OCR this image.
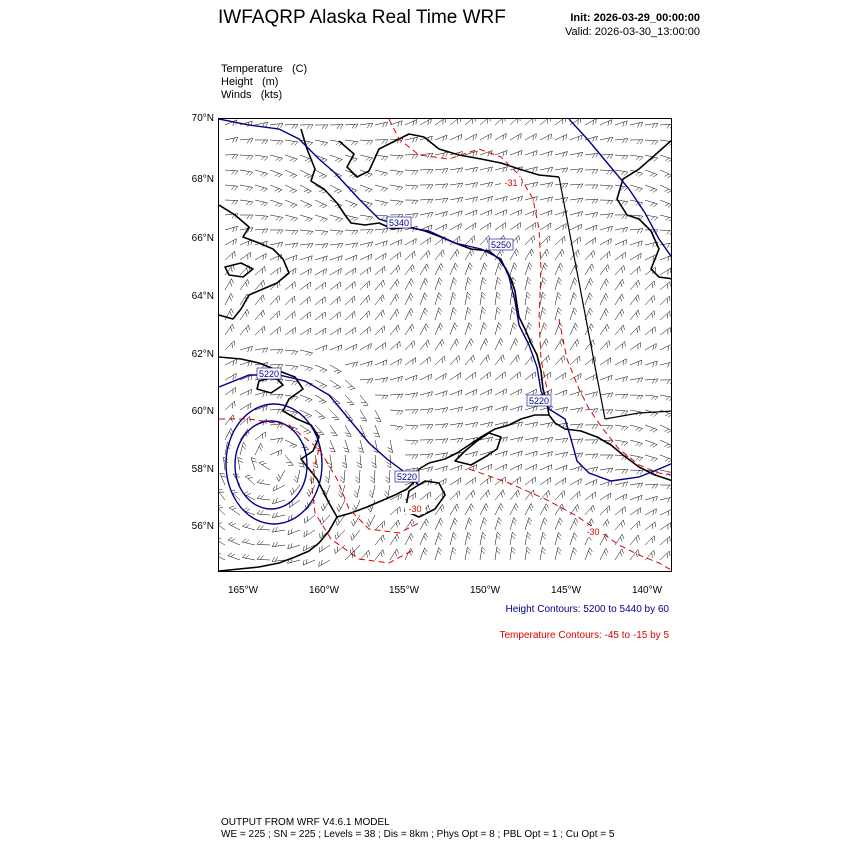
IWFAQRP Alaska Real Time WRF	Init: 2026-03-29_00:00:00
Valid: 2026-03-30_13:00:00
Temperature (C)
Height (m)
Winds (kts)
5340
5250
5220
5220
5220
-31
-30
-30
70°N
68°N
66°N
64°N
62°N
60°N
58°N
56°N
165°W	160°W	155°W	150°W	145°W	140°W
Height Contours: 5200 to 5440 by 60
Temperature Contours: -45 to -15 by 5
OUTPUT FROM WRF V4.6.1 MODEL
WE = 225 ; SN = 225 ; Levels = 38 ; Dis = 8km ; Phys Opt = 8 ; PBL Opt = 1 ; Cu Opt = 5
